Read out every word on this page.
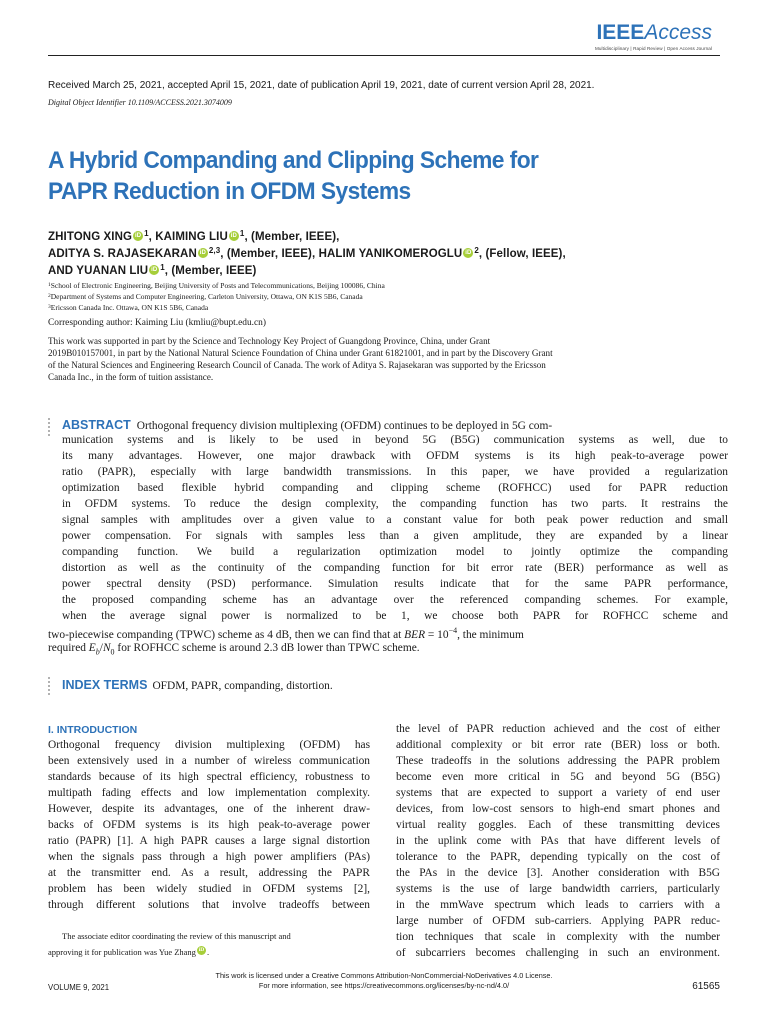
IEEEAccess
Multidisciplinary | Rapid Review | Open Access Journal
Received March 25, 2021, accepted April 15, 2021, date of publication April 19, 2021, date of current version April 28, 2021.
Digital Object Identifier 10.1109/ACCESS.2021.3074009
A Hybrid Companding and Clipping Scheme for
PAPR Reduction in OFDM Systems
ZHITONG XING iD $^1$, KAIMING LIU iD $^1$, (Member, IEEE),
ADITYA S. RAJASEKARAN iD $^{2,3}$, (Member, IEEE), HALIM YANIKOMEROGLU iD $^2$, (Fellow, IEEE),
AND YUANAN LIU iD $^1$, (Member, IEEE)
$^1$School of Electronic Engineering, Beijing University of Posts and Telecommunications, Beijing 100086, China
$^2$Department of Systems and Computer Engineering, Carleton University, Ottawa, ON K1S 5B6, Canada
$^3$Ericsson Canada Inc. Ottawa, ON K1S 5B6, Canada
Corresponding author: Kaiming Liu (kmliu@bupt.edu.cn)
This work was supported in part by the Science and Technology Key Project of Guangdong Province, China, under Grant
2019B010157001, in part by the National Natural Science Foundation of China under Grant 61821001, and in part by the Discovery Grant
of the Natural Sciences and Engineering Research Council of Canada. The work of Aditya S. Rajasekaran was supported by the Ericsson
Canada Inc., in the form of tuition assistance.
ABSTRACT Orthogonal frequency division multiplexing (OFDM) continues to be deployed in 5G com-
munication systems and is likely to be used in beyond 5G (B5G) communication systems as well, due to
its many advantages. However, one major drawback with OFDM systems is its high peak-to-average power
ratio (PAPR), especially with large bandwidth transmissions. In this paper, we have provided a regularization
optimization based flexible hybrid companding and clipping scheme (ROFHCC) used for PAPR reduction
in OFDM systems. To reduce the design complexity, the companding function has two parts. It restrains the
signal samples with amplitudes over a given value to a constant value for both peak power reduction and small
power compensation. For signals with samples less than a given amplitude, they are expanded by a linear
companding function. We build a regularization optimization model to jointly optimize the companding
distortion as well as the continuity of the companding function for bit error rate (BER) performance as well as
power spectral density (PSD) performance. Simulation results indicate that for the same PAPR performance,
the proposed companding scheme has an advantage over the referenced companding schemes. For example,
when the average signal power is normalized to be 1, we choose both PAPR for ROFHCC scheme and
two-piecewise companding (TPWC) scheme as 4 dB, then we can find that at BER = $10^{-4}$, the minimum
required $E_b/N_0$ for ROFHCC scheme is around 2.3 dB lower than TPWC scheme.
INDEX TERMS OFDM, PAPR, companding, distortion.
I. INTRODUCTION
Orthogonal frequency division multiplexing (OFDM) has
been extensively used in a number of wireless communication
standards because of its high spectral efficiency, robustness to
multipath fading effects and low implementation complexity.
However, despite its advantages, one of the inherent draw-
backs of OFDM systems is its high peak-to-average power
ratio (PAPR) [1]. A high PAPR causes a large signal distortion
when the signals pass through a high power amplifiers (PAs)
at the transmitter end. As a result, addressing the PAPR
problem has been widely studied in OFDM systems [2],
through different solutions that involve tradeoffs between
the level of PAPR reduction achieved and the cost of either
additional complexity or bit error rate (BER) loss or both.
These tradeoffs in the solutions addressing the PAPR problem
become even more critical in 5G and beyond 5G (B5G)
systems that are expected to support a variety of end user
devices, from low-cost sensors to high-end smart phones and
virtual reality goggles. Each of these transmitting devices
in the uplink come with PAs that have different levels of
tolerance to the PAPR, depending typically on the cost of
the PAs in the device [3]. Another consideration with B5G
systems is the use of large bandwidth carriers, particularly
in the mmWave spectrum which leads to carriers with a
large number of OFDM sub-carriers. Applying PAPR reduc-
tion techniques that scale in complexity with the number
of subcarriers becomes challenging in such an environment.
The associate editor coordinating the review of this manuscript and
approving it for publication was Yue Zhang iD .
This work is licensed under a Creative Commons Attribution-NonCommercial-NoDerivatives 4.0 License.
For more information, see https://creativecommons.org/licenses/by-nc-nd/4.0/
VOLUME 9, 2021	61565
